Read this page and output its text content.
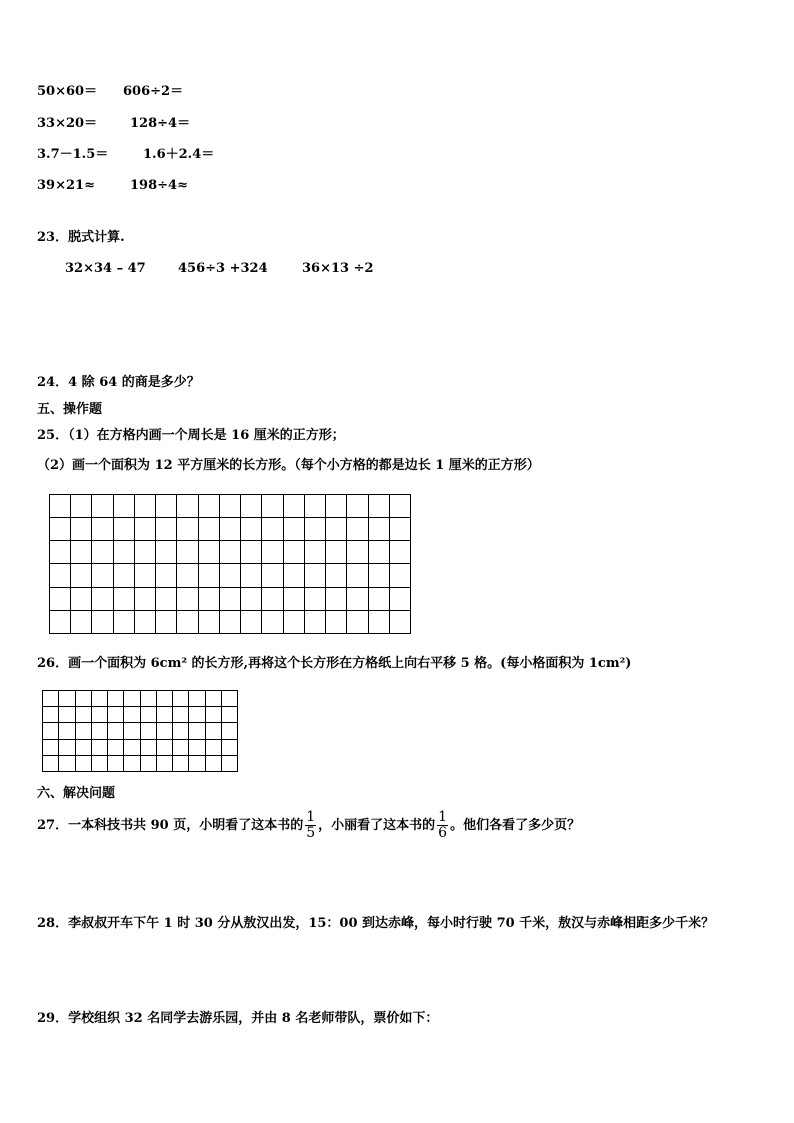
50×60＝ 606÷2＝
33×20＝	128÷4＝
3.7－1.5＝	1.6＋2.4＝
39×21≈	198÷4≈
23．脱式计算.
32×34 – 47 456÷3 +324	36×13 ÷2
24．4 除 64 的商是多少？
五、操作题
25．（1）在方格内画一个周长是 16 厘米的正方形；
（2）画一个面积为 12 平方厘米的长方形。（每个小方格的都是边长 1 厘米的正方形）

26．画一个面积为 6cm² 的长方形,再将这个长方形在方格纸上向右平移 5 格。(每小格面积为 1cm²)

六、解决问题
27．一本科技书共 90 页，小明看了这本书的 $\frac{1}{5}$ ，小丽看了这本书的 $\frac{1}{6}$ 。他们各看了多少页？
28．李叔叔开车下午 1 时 30 分从敖汉出发，15：00 到达赤峰，每小时行驶 70 千米，敖汉与赤峰相距多少千米？
29．学校组织 32 名同学去游乐园，并由 8 名老师带队，票价如下：
